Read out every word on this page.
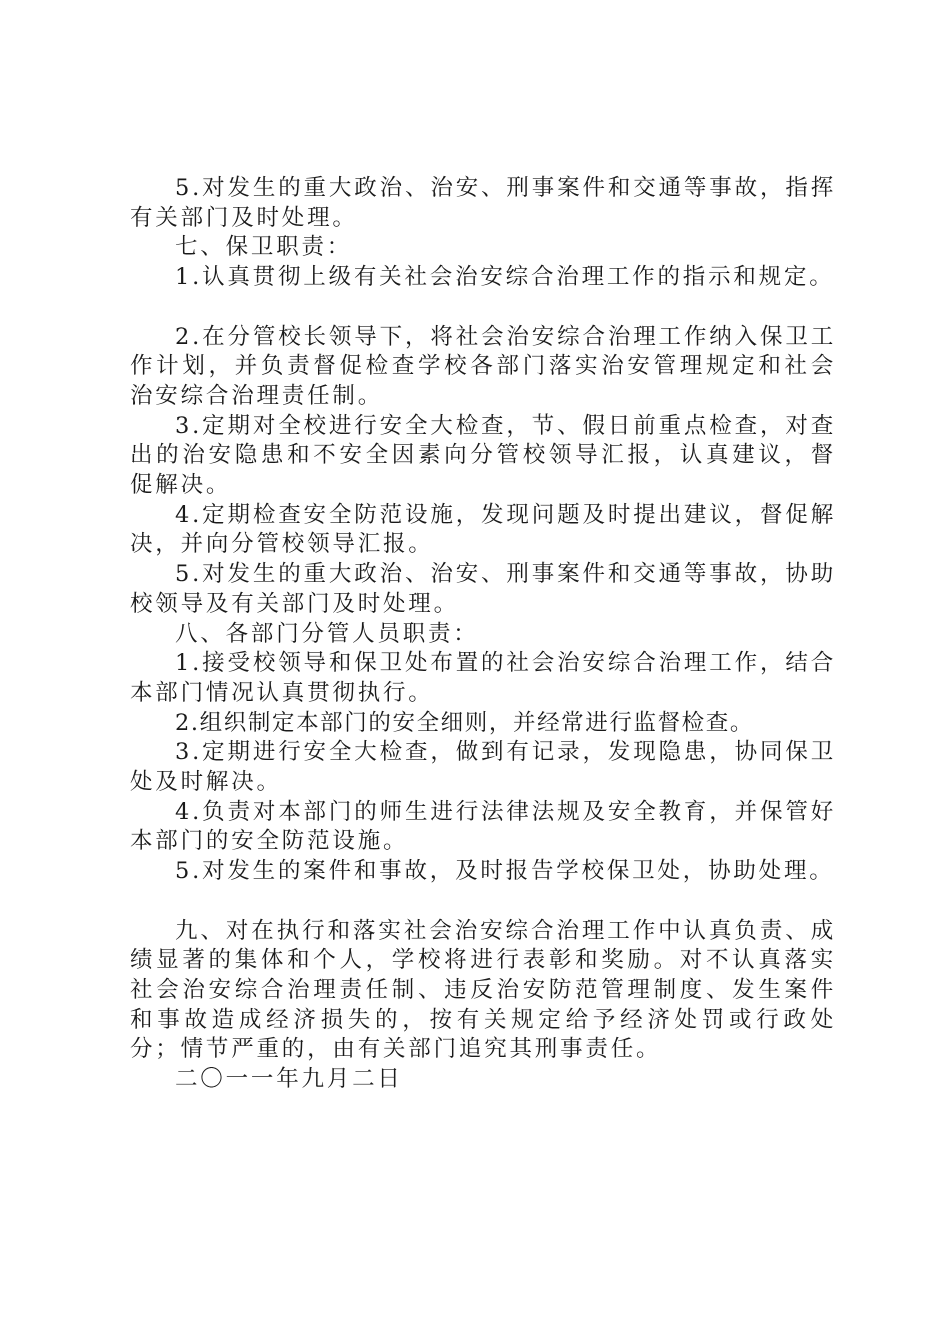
5.对发生的重大政治、治安、刑事案件和交通等事故，指挥有关部门及时处理。

七、保卫职责：

1.认真贯彻上级有关社会治安综合治理工作的指示和规定。

2.在分管校长领导下，将社会治安综合治理工作纳入保卫工作计划，并负责督促检查学校各部门落实治安管理规定和社会治安综合治理责任制。

3.定期对全校进行安全大检查，节、假日前重点检查，对查出的治安隐患和不安全因素向分管校领导汇报，认真建议，督促解决。

4.定期检查安全防范设施，发现问题及时提出建议，督促解决，并向分管校领导汇报。

5.对发生的重大政治、治安、刑事案件和交通等事故，协助校领导及有关部门及时处理。

八、各部门分管人员职责：

1.接受校领导和保卫处布置的社会治安综合治理工作，结合本部门情况认真贯彻执行。

2.组织制定本部门的安全细则，并经常进行监督检查。

3.定期进行安全大检查，做到有记录，发现隐患，协同保卫处及时解决。

4.负责对本部门的师生进行法律法规及安全教育，并保管好本部门的安全防范设施。

5.对发生的案件和事故，及时报告学校保卫处，协助处理。

九、对在执行和落实社会治安综合治理工作中认真负责、成绩显著的集体和个人，学校将进行表彰和奖励。对不认真落实社会治安综合治理责任制、违反治安防范管理制度、发生案件和事故造成经济损失的，按有关规定给予经济处罚或行政处分；情节严重的，由有关部门追究其刑事责任。

二〇一一年九月二日
